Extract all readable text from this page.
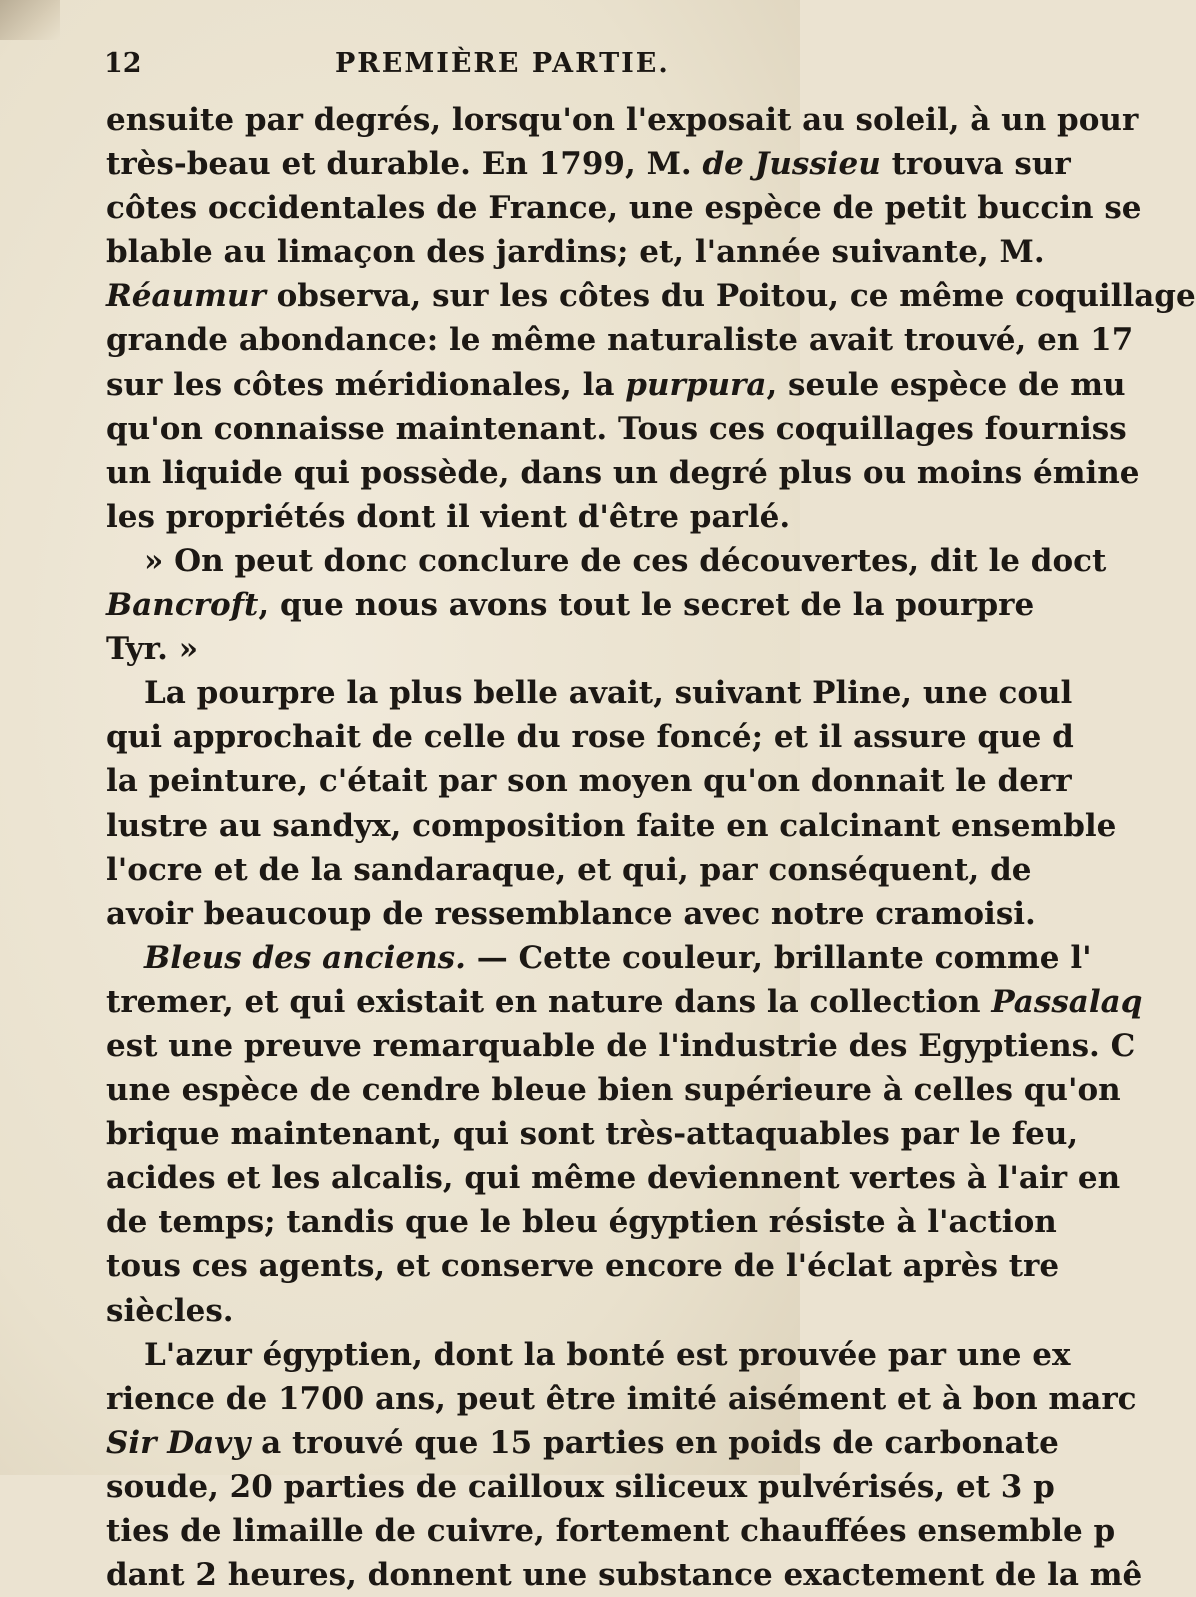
12	PREMIÈRE PARTIE.
ensuite par degrés, lorsqu'on l'exposait au soleil, à un pour
très-beau et durable. En 1799, M. de Jussieu trouva sur
côtes occidentales de France, une espèce de petit buccin se
blable au limaçon des jardins; et, l'année suivante, M.
Réaumur observa, sur les côtes du Poitou, ce même coquillage
grande abondance: le même naturaliste avait trouvé, en 17
sur les côtes méridionales, la purpura, seule espèce de mu
qu'on connaisse maintenant. Tous ces coquillages fourniss
un liquide qui possède, dans un degré plus ou moins émine
les propriétés dont il vient d'être parlé.
» On peut donc conclure de ces découvertes, dit le doct
Bancroft, que nous avons tout le secret de la pourpre
Tyr. »
La pourpre la plus belle avait, suivant Pline, une coul
qui approchait de celle du rose foncé; et il assure que d
la peinture, c'était par son moyen qu'on donnait le derr
lustre au sandyx, composition faite en calcinant ensemble
l'ocre et de la sandaraque, et qui, par conséquent, de
avoir beaucoup de ressemblance avec notre cramoisi.
Bleus des anciens. — Cette couleur, brillante comme l'
tremer, et qui existait en nature dans la collection Passalaq
est une preuve remarquable de l'industrie des Egyptiens. C
une espèce de cendre bleue bien supérieure à celles qu'on
brique maintenant, qui sont très-attaquables par le feu,
acides et les alcalis, qui même deviennent vertes à l'air en
de temps; tandis que le bleu égyptien résiste à l'action
tous ces agents, et conserve encore de l'éclat après tre
siècles.
L'azur égyptien, dont la bonté est prouvée par une ex
rience de 1700 ans, peut être imité aisément et à bon marc
Sir Davy a trouvé que 15 parties en poids de carbonate
soude, 20 parties de cailloux siliceux pulvérisés, et 3 p
ties de limaille de cuivre, fortement chauffées ensemble p
dant 2 heures, donnent une substance exactement de la mê
